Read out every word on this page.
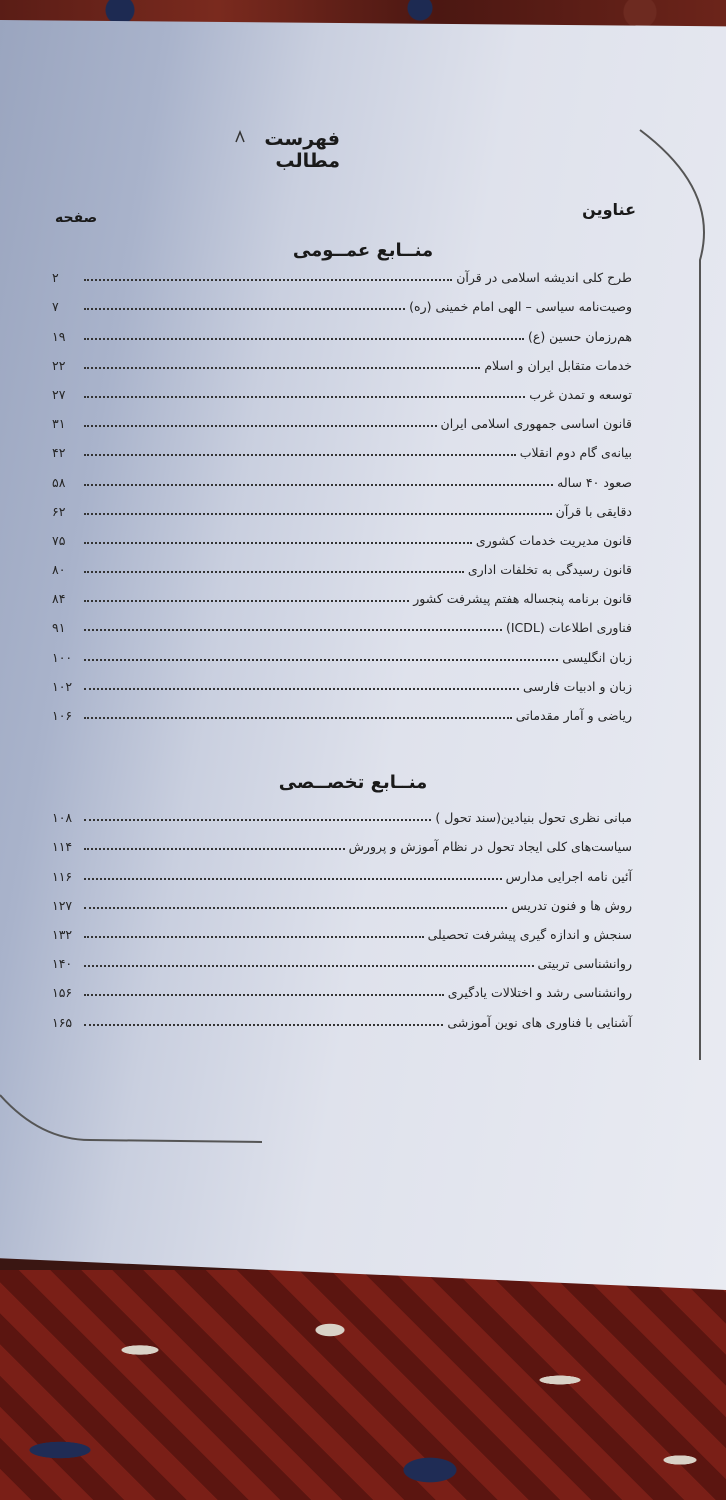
فهرست مطالب
عناوین
صفحه
منــابع عمــومی
طرح کلی اندیشه اسلامی در قرآن
۲
وصیت‌نامه سیاسی – الهی امام خمینی (ره)
۷
هم‌رزمان حسین (ع)
۱۹
خدمات متقابل ایران و اسلام
۲۲
توسعه و تمدن غرب
۲۷
قانون اساسی جمهوری اسلامی ایران
۳۱
بیانه‌ی گام دوم انقلاب
۴۲
صعود ۴۰ ساله
۵۸
دقایقی با قرآن
۶۲
قانون مدیریت خدمات کشوری
۷۵
قانون رسیدگی به تخلفات اداری
۸۰
قانون برنامه پنجساله هفتم پیشرفت کشور
۸۴
فناوری اطلاعات (ICDL)
۹۱
زبان انگلیسی
۱۰۰
زبان و ادبیات فارسی
۱۰۲
ریاضی و آمار مقدماتی
۱۰۶
منــابع تخصــصی
مبانی نظری تحول بنیادین(سند تحول )
۱۰۸
سیاست‌های کلی ایجاد تحول در نظام آموزش و پرورش
۱۱۴
آئین نامه اجرایی مدارس
۱۱۶
روش ها و فنون تدریس
۱۲۷
سنجش و اندازه گیری پیشرفت تحصیلی
۱۳۲
روانشناسی تربیتی
۱۴۰
روانشناسی رشد و اختلالات یادگیری
۱۵۶
آشنایی با فناوری های نوین آموزشی
۱۶۵
